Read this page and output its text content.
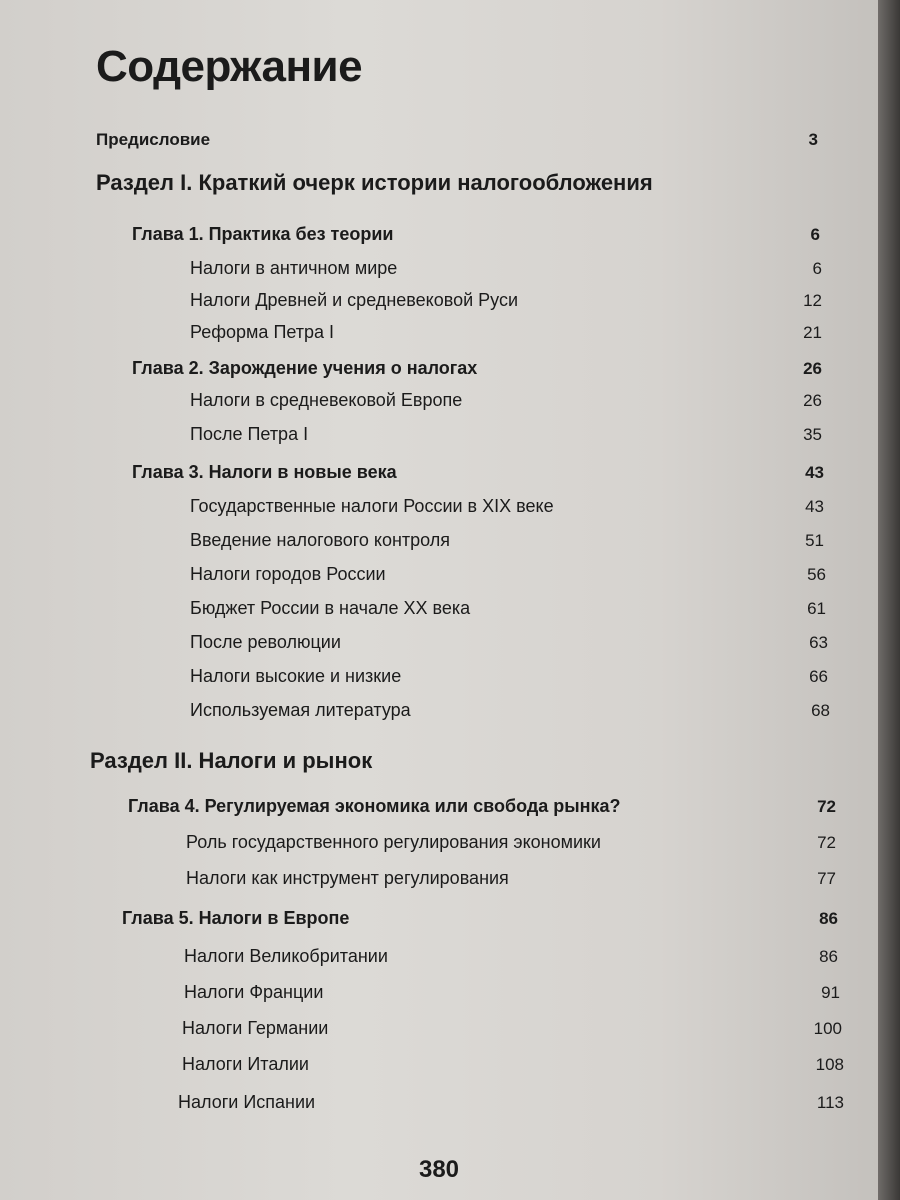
Содержание
Предисловие	3
Раздел I. Краткий очерк истории налогообложения
Глава 1. Практика без теории	6
Налоги в античном мире	6
Налоги Древней и средневековой Руси	12
Реформа Петра I	21
Глава 2. Зарождение учения о налогах	26
Налоги в средневековой Европе	26
После Петра I	35
Глава 3. Налоги в новые века	43
Государственные налоги России в XIX веке	43
Введение налогового контроля	51
Налоги городов России	56
Бюджет России в начале XX века	61
После революции	63
Налоги высокие и низкие	66
Используемая литература	68
Раздел II. Налоги и рынок
Глава 4. Регулируемая экономика или свобода рынка?	72
Роль государственного регулирования экономики	72
Налоги как инструмент регулирования	77
Глава 5. Налоги в Европе	86
Налоги Великобритании	86
Налоги Франции	91
Налоги Германии	100
Налоги Италии	108
Налоги Испании	113
380
